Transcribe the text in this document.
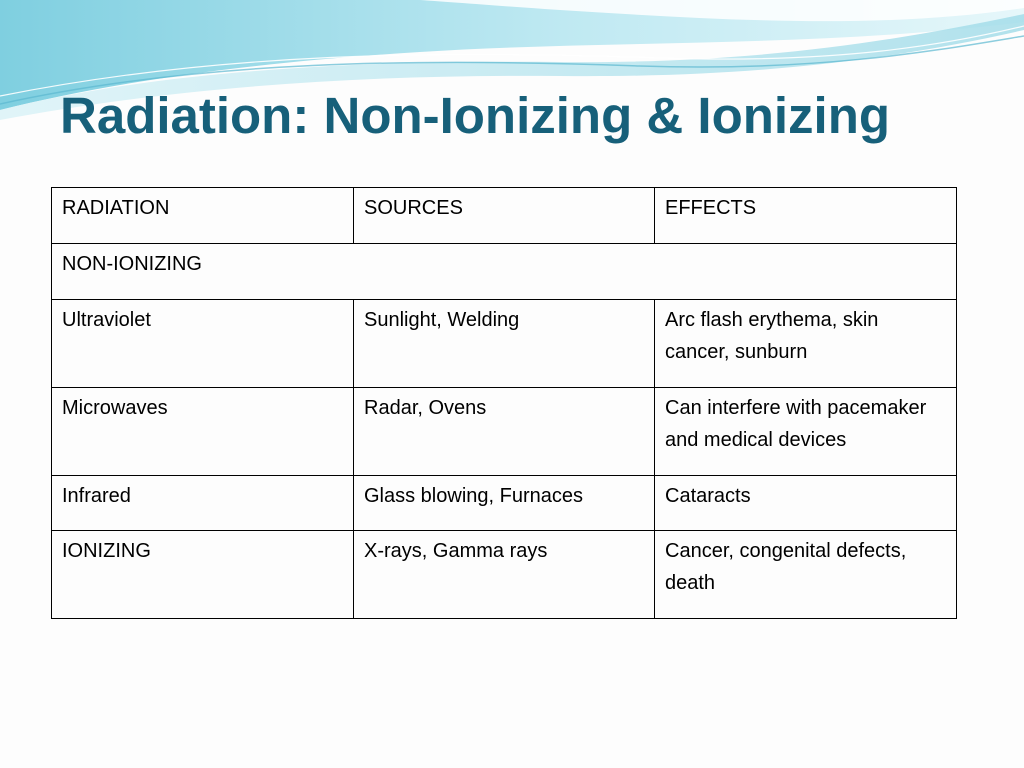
Radiation: Non-Ionizing & Ionizing
RADIATION	SOURCES	EFFECTS
NON-IONIZING		
Ultraviolet	Sunlight, Welding	Arc flash erythema, skin cancer, sunburn
Microwaves	Radar, Ovens	Can interfere with pacemaker and medical devices
Infrared	Glass blowing, Furnaces	Cataracts
IONIZING	X-rays, Gamma rays	Cancer, congenital defects, death
